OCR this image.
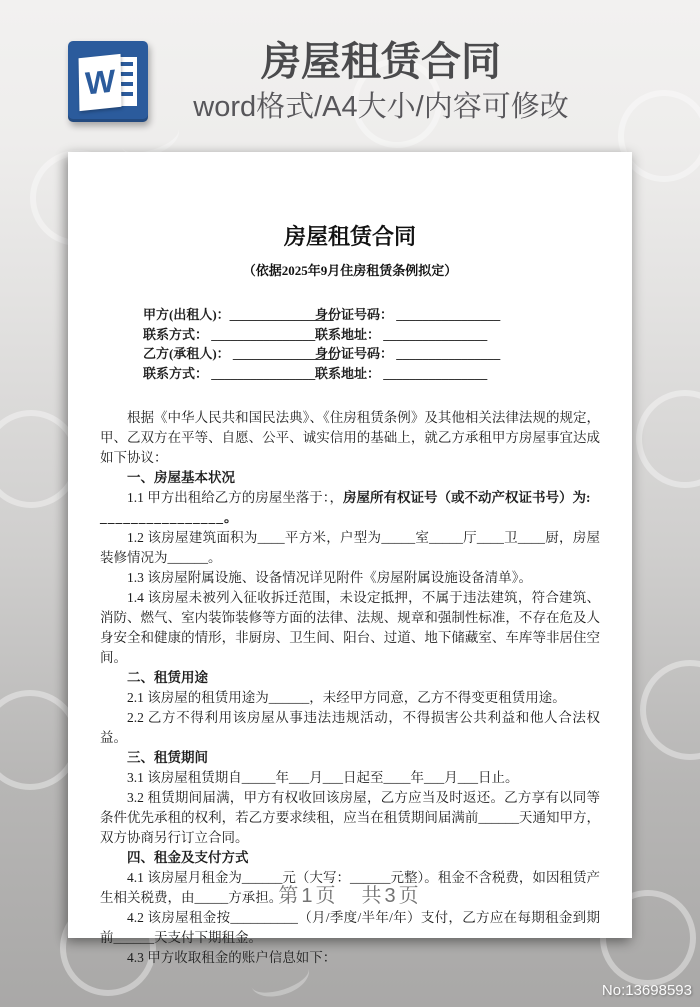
W	房屋租赁合同
word格式/A4大小/内容可修改
房屋租赁合同
（依据2025年9月住房租赁条例拟定）
甲方(出租人)：________________
身份证号码： ________________
联系方式： ________________ 联系地址： ________________
乙方(承租人)： ________________
身份证号码： ________________
联系方式： ________________ 联系地址： ________________

根据《中华人民共和国民法典》、《住房租赁条例》及其他相关法律法规的规定，甲、乙双方在平等、自愿、公平、诚实信用的基础上，就乙方承租甲方房屋事宜达成如下协议：

一、房屋基本状况

1.1 甲方出租给乙方的房屋坐落于：，房屋所有权证号（或不动产权证书号）为:

________________。

1.2 该房屋建筑面积为____平方米，户型为_____室_____厅____卫____厨，房屋装修情况为______。

1.3 该房屋附属设施、设备情况详见附件《房屋附属设施设备清单》。

1.4 该房屋未被列入征收拆迁范围，未设定抵押，不属于违法建筑，符合建筑、消防、燃气、室内装饰装修等方面的法律、法规、规章和强制性标准，不存在危及人身安全和健康的情形，非厨房、卫生间、阳台、过道、地下储藏室、车库等非居住空间。

二、租赁用途

2.1 该房屋的租赁用途为______，未经甲方同意，乙方不得变更租赁用途。

2.2 乙方不得利用该房屋从事违法违规活动，不得损害公共利益和他人合法权益。

三、租赁期间

3.1 该房屋租赁期自_____年___月___日起至____年___月___日止。

3.2 租赁期间届满，甲方有权收回该房屋，乙方应当及时返还。乙方享有以同等条件优先承租的权利，若乙方要求续租，应当在租赁期间届满前______天通知甲方，双方协商另行订立合同。

四、租金及支付方式

4.1 该房屋月租金为______元（大写：______元整）。租金不含税费，如因租赁产生相关税费，由_____方承担。

4.2 该房屋租金按__________（月/季度/半年/年）支付，乙方应在每期租金到期前______天支付下期租金。

4.3 甲方收取租金的账户信息如下：

第1页　共3页
No:13698593
